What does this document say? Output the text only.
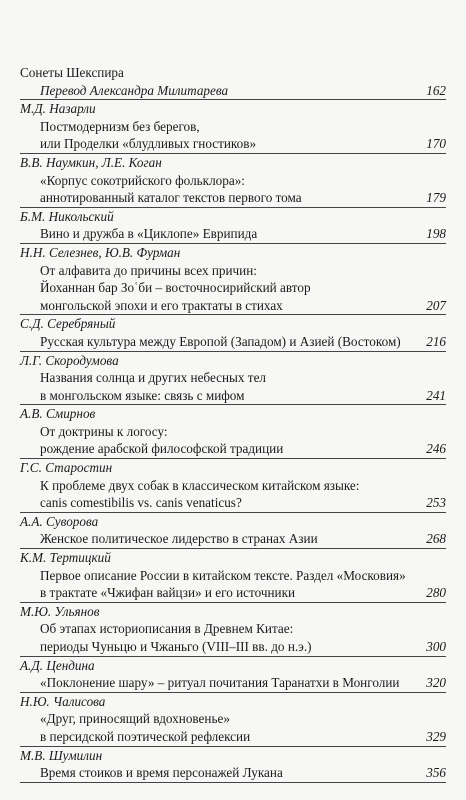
Сонеты Шекспира
Перевод Александра Милитарева	162
М.Д. Назарли
Постмодернизм без берегов,
или Проделки «блудливых гностиков»	170
В.В. Наумкин, Л.Е. Коган
«Корпус сокотрийского фольклора»:
аннотированный каталог текстов первого тома	179
Б.М. Никольский
Вино и дружба в «Циклопе» Еврипида	198
Н.Н. Селезнев, Ю.В. Фурман
От алфавита до причины всех причин:
Йоханнан бар Зоʿби – восточносирийский автор
монгольской эпохи и его трактаты в стихах	207
С.Д. Серебряный
Русская культура между Европой (Западом) и Азией (Востоком) 216
Л.Г. Скородумова
Названия солнца и других небесных тел
в монгольском языке: связь с мифом	241
А.В. Смирнов
От доктрины к логосу:
рождение арабской философской традиции	246
Г.С. Старостин
К проблеме двух собак в классическом китайском языке:
canis comestibilis vs. canis venaticus?	253
А.А. Суворова
Женское политическое лидерство в странах Азии	268
К.М. Тертицкий
Первое описание России в китайском тексте. Раздел «Московия»
в трактате «Чжифан вайцзи» и его источники	280
М.Ю. Ульянов
Об этапах историописания в Древнем Китае:
периоды Чуньцю и Чжаньго (VIII–III вв. до н.э.)	300
А.Д. Цендина
«Поклонение шару» – ритуал почитания Таранатхи в Монголии 320
Н.Ю. Чалисова
«Друг, приносящий вдохновенье»
в персидской поэтической рефлексии	329
М.В. Шумилин
Время стоиков и время персонажей Лукана	356
